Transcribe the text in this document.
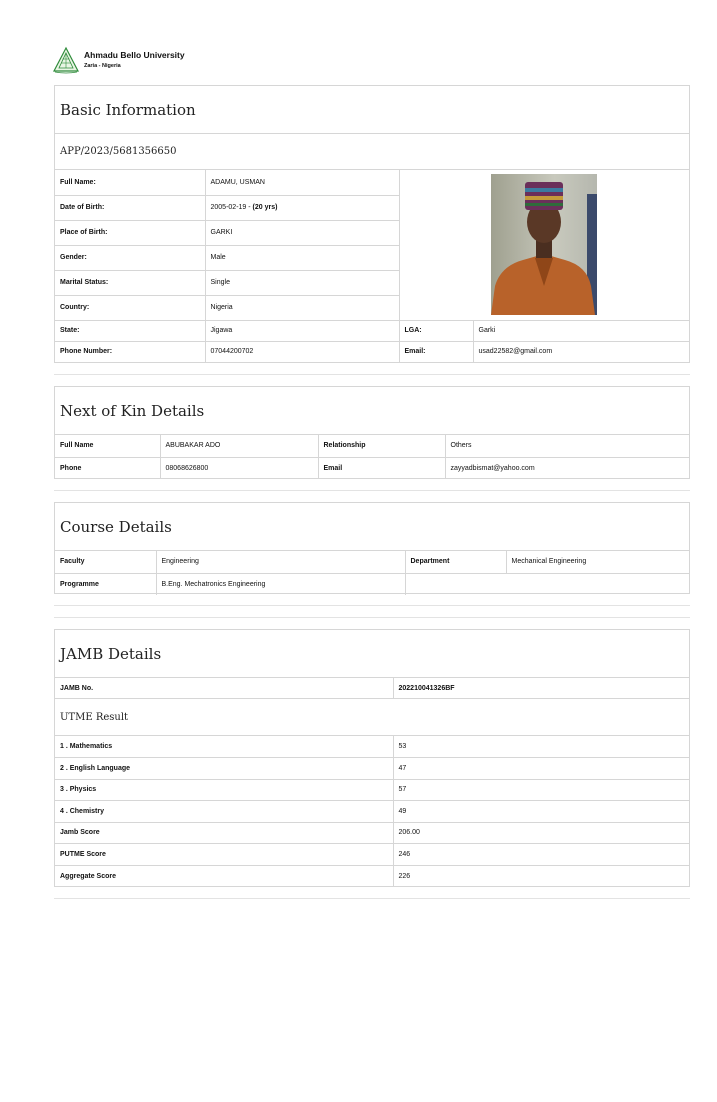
Ahmadu Bello University
Zaria - Nigeria
Basic Information
APP/2023/5681356650
Full Name:	ADAMU, USMAN	
Date of Birth:	2005-02-19 - (20 yrs)		
Place of Birth:	GARKI		
Gender:	Male		
Marital Status:	Single		
Country:	Nigeria		
State:	Jigawa	LGA:	Garki
Phone Number:	07044200702	Email:	usad22582@gmail.com
Next of Kin Details
Full Name	ABUBAKAR ADO	Relationship	Others
Phone	08068626800	Email	zayyadbismat@yahoo.com
Course Details
Faculty	Engineering	Department	Mechanical Engineering
Programme	B.Eng. Mechatronics Engineering		
JAMB Details
JAMB No.	202210041326BF
UTME Result
1 . Mathematics	53
2 . English Language	47
3 . Physics	57
4 . Chemistry	49
Jamb Score	206.00
PUTME Score	246
Aggregate Score	226
